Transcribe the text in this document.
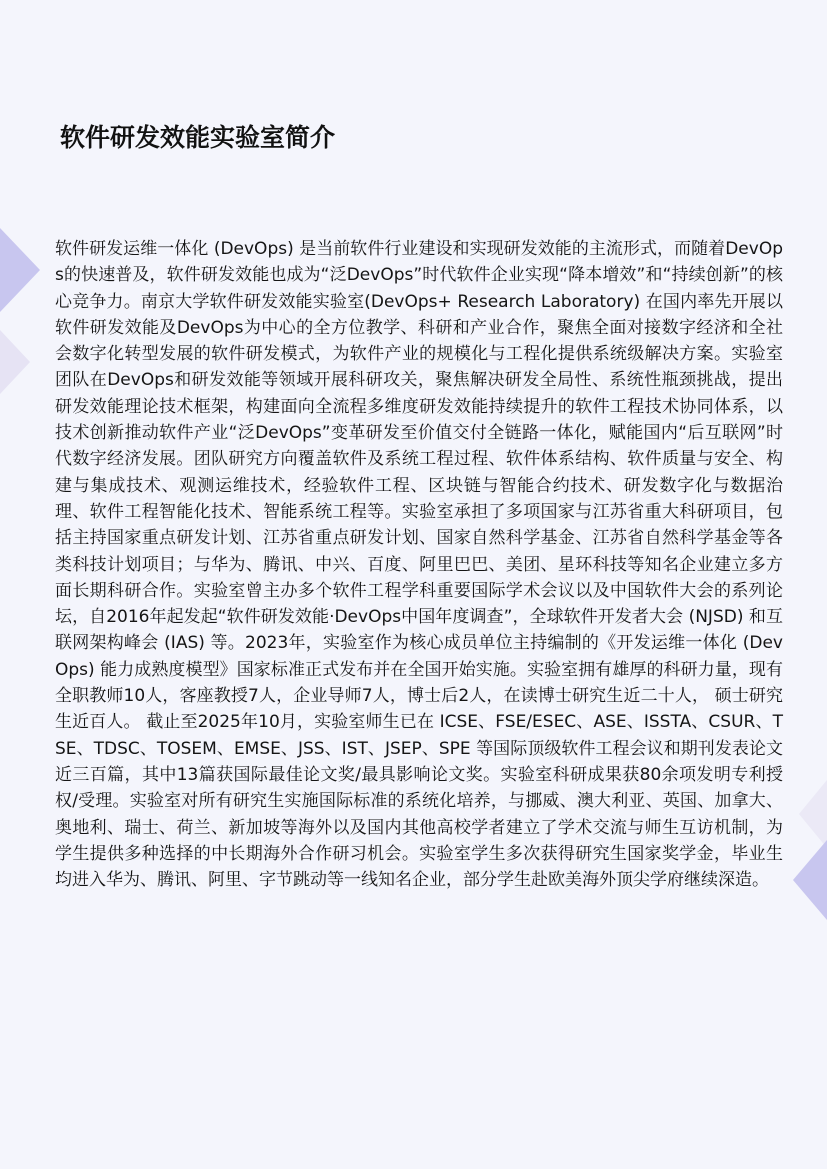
软件研发效能实验室简介

软件研发运维一体化 (DevOps) 是当前软件行业建设和实现研发效能的主流形式，而随着DevOps的快速普及，软件研发效能也成为“泛DevOps”时代软件企业实现“降本增效”和“持续创新”的核心竞争力。南京大学软件研发效能实验室(DevOps+ Research Laboratory) 在国内率先开展以软件研发效能及DevOps为中心的全方位教学、科研和产业合作，聚焦全面对接数字经济和全社会数字化转型发展的软件研发模式，为软件产业的规模化与工程化提供系统级解决方案。实验室团队在DevOps和研发效能等领域开展科研攻关，聚焦解决研发全局性、系统性瓶颈挑战，提出研发效能理论技术框架，构建面向全流程多维度研发效能持续提升的软件工程技术协同体系，以技术创新推动软件产业“泛DevOps”变革研发至价值交付全链路一体化，赋能国内“后互联网”时代数字经济发展。团队研究方向覆盖软件及系统工程过程、软件体系结构、软件质量与安全、构建与集成技术、观测运维技术，经验软件工程、区块链与智能合约技术、研发数字化与数据治理、软件工程智能化技术、智能系统工程等。实验室承担了多项国家与江苏省重大科研项目，包括主持国家重点研发计划、江苏省重点研发计划、国家自然科学基金、江苏省自然科学基金等各类科技计划项目；与华为、腾讯、中兴、百度、阿里巴巴、美团、星环科技等知名企业建立多方面长期科研合作。实验室曾主办多个软件工程学科重要国际学术会议以及中国软件大会的系列论坛，自2016年起发起“软件研发效能·DevOps中国年度调查”，全球软件开发者大会 (NJSD) 和互联网架构峰会 (IAS) 等。2023年，实验室作为核心成员单位主持编制的《开发运维一体化 (DevOps) 能力成熟度模型》国家标准正式发布并在全国开始实施。实验室拥有雄厚的科研力量，现有全职教师10人，客座教授7人，企业导师7人，博士后2人，在读博士研究生近二十人， 硕士研究生近百人。 截止至2025年10月，实验室师生已在 ICSE、FSE/ESEC、ASE、ISSTA、CSUR、TSE、TDSC、TOSEM、EMSE、JSS、IST、JSEP、SPE 等国际顶级软件工程会议和期刊发表论文近三百篇，其中13篇获国际最佳论文奖/最具影响论文奖。实验室科研成果获80余项发明专利授权/受理。实验室对所有研究生实施国际标准的系统化培养，与挪威、澳大利亚、英国、加拿大、奥地利、瑞士、荷兰、新加坡等海外以及国内其他高校学者建立了学术交流与师生互访机制，为学生提供多种选择的中长期海外合作研习机会。实验室学生多次获得研究生国家奖学金，毕业生均进入华为、腾讯、阿里、字节跳动等一线知名企业，部分学生赴欧美海外顶尖学府继续深造。
